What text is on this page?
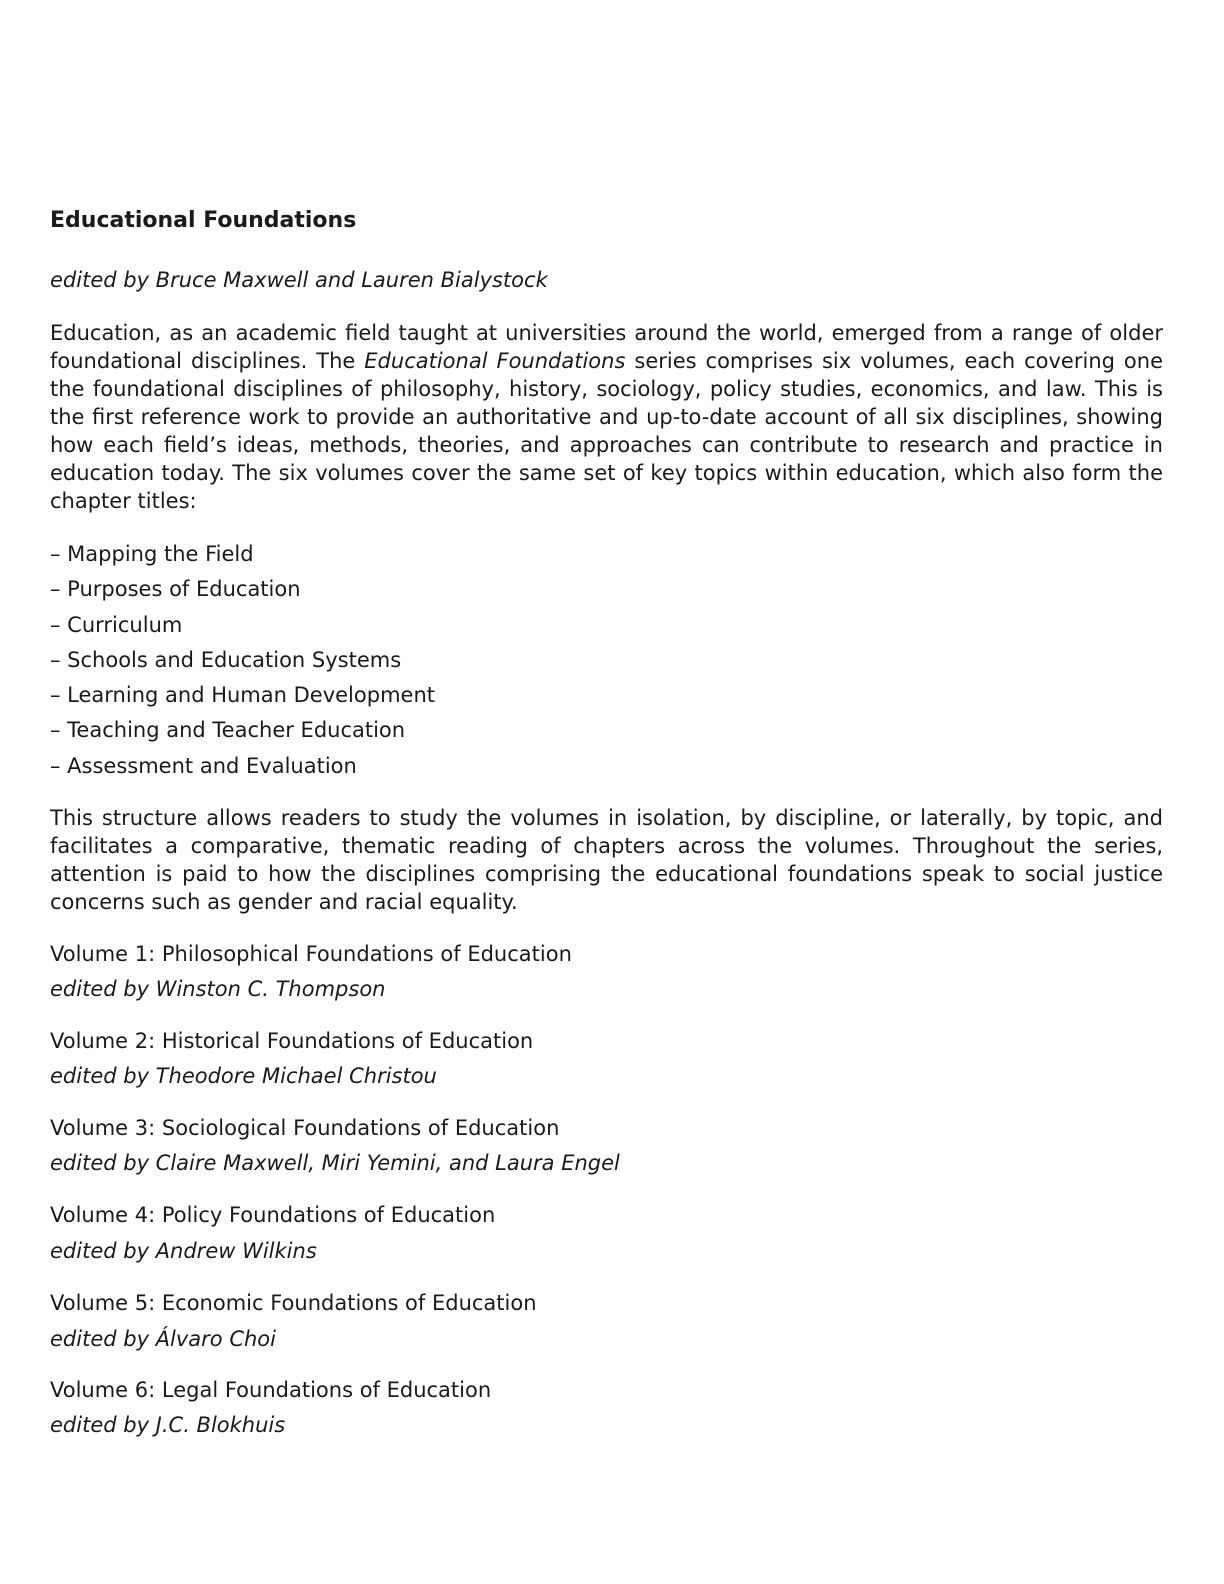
Educational Foundations
edited by Bruce Maxwell and Lauren Bialystock
Education, as an academic field taught at universities around the world, emerged from a range of older
foundational disciplines. The Educational Foundations series comprises six volumes, each covering one
the foundational disciplines of philosophy, history, sociology, policy studies, economics, and law. This is
the first reference work to provide an authoritative and up-to-date account of all six disciplines, showing
how each field’s ideas, methods, theories, and approaches can contribute to research and practice in
education today. The six volumes cover the same set of key topics within education, which also form the
chapter titles:
– Mapping the Field
– Purposes of Education
– Curriculum
– Schools and Education Systems
– Learning and Human Development
– Teaching and Teacher Education
– Assessment and Evaluation
This structure allows readers to study the volumes in isolation, by discipline, or laterally, by topic, and
facilitates a comparative, thematic reading of chapters across the volumes. Throughout the series,
attention is paid to how the disciplines comprising the educational foundations speak to social justice
concerns such as gender and racial equality.
Volume 1: Philosophical Foundations of Education
edited by Winston C. Thompson
Volume 2: Historical Foundations of Education
edited by Theodore Michael Christou
Volume 3: Sociological Foundations of Education
edited by Claire Maxwell, Miri Yemini, and Laura Engel
Volume 4: Policy Foundations of Education
edited by Andrew Wilkins
Volume 5: Economic Foundations of Education
edited by Álvaro Choi
Volume 6: Legal Foundations of Education
edited by J.C. Blokhuis
